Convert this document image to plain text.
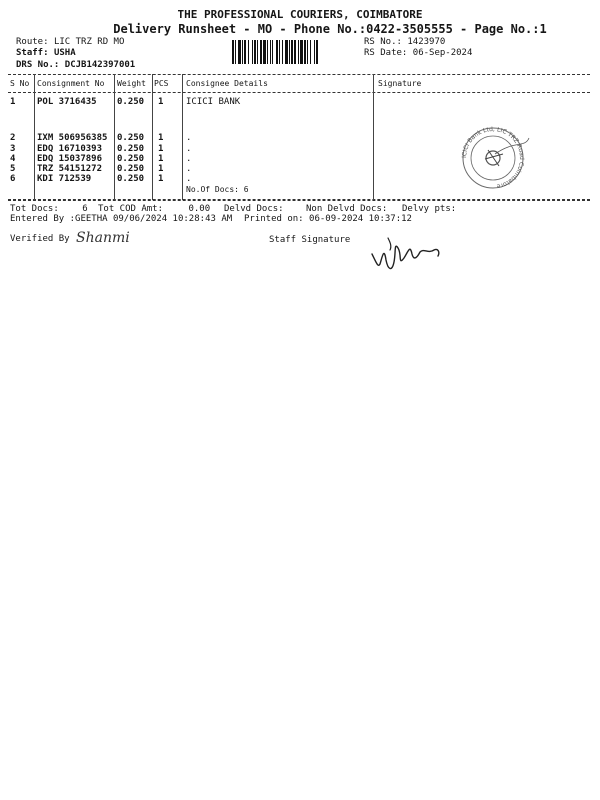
THE PROFESSIONAL COURIERS, COIMBATORE
Delivery Runsheet - MO - Phone No.:0422-3505555 - Page No.:1
Route: LIC TRZ RD MO
Staff: USHA
DRS No.: DCJB142397001
RS No.: 1423970
RS Date: 06-Sep-2024
S No Consignment No Weight PCS Consignee Details	Signature
1 POL 3716435 0.250 1	ICICI BANK
2 IXM 506956385 0.250 1	.
3 EDQ 16710393 0.250 1	.
4 EDQ 15037896 0.250 1	.
5 TRZ 54151272 0.250 1	.
6 KDI 712539	0.250 1	.
No.Of Docs: 6
ICICI Bank Ltd, LIC TRZ Road Coimbatore
Tot Docs:	6 Tot COD Amt:	0.00 Delvd Docs: Non Delvd Docs: Delvy pts:
Entered By :GEETHA 09/06/2024 10:28:43 AM Printed on: 06-09-2024 10:37:12
Verified By Shanmi	Staff Signature
